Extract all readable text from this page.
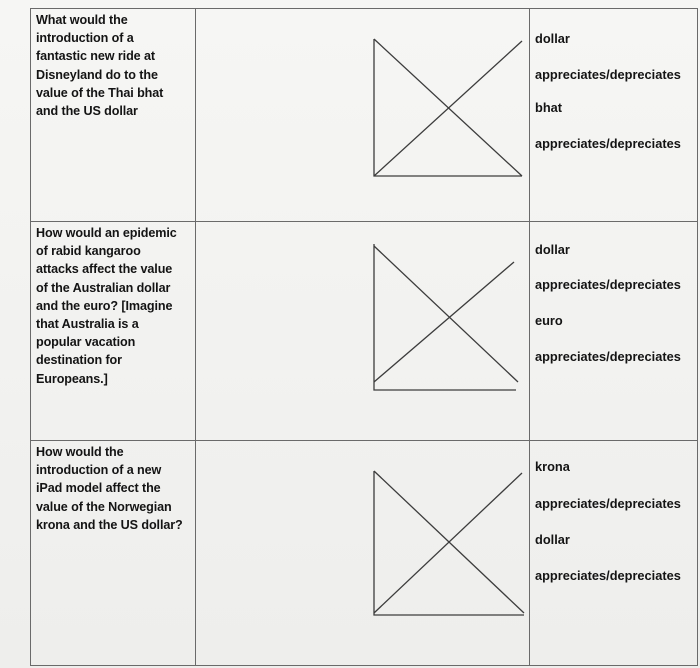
What would the introduction of a fantastic new ride at Disneyland do to the value of the Thai bhat and the US dollar		dollar
appreciates/depreciates
bhat
appreciates/depreciates

How would an epidemic of rabid kangaroo attacks affect the value of the Australian dollar and the euro? [Imagine that Australia is a popular vacation destination for Europeans.]		dollar
appreciates/depreciates
euro
appreciates/depreciates

How would the introduction of a new iPad model affect the value of the Norwegian krona and the US dollar?		krona
appreciates/depreciates
dollar
appreciates/depreciates
